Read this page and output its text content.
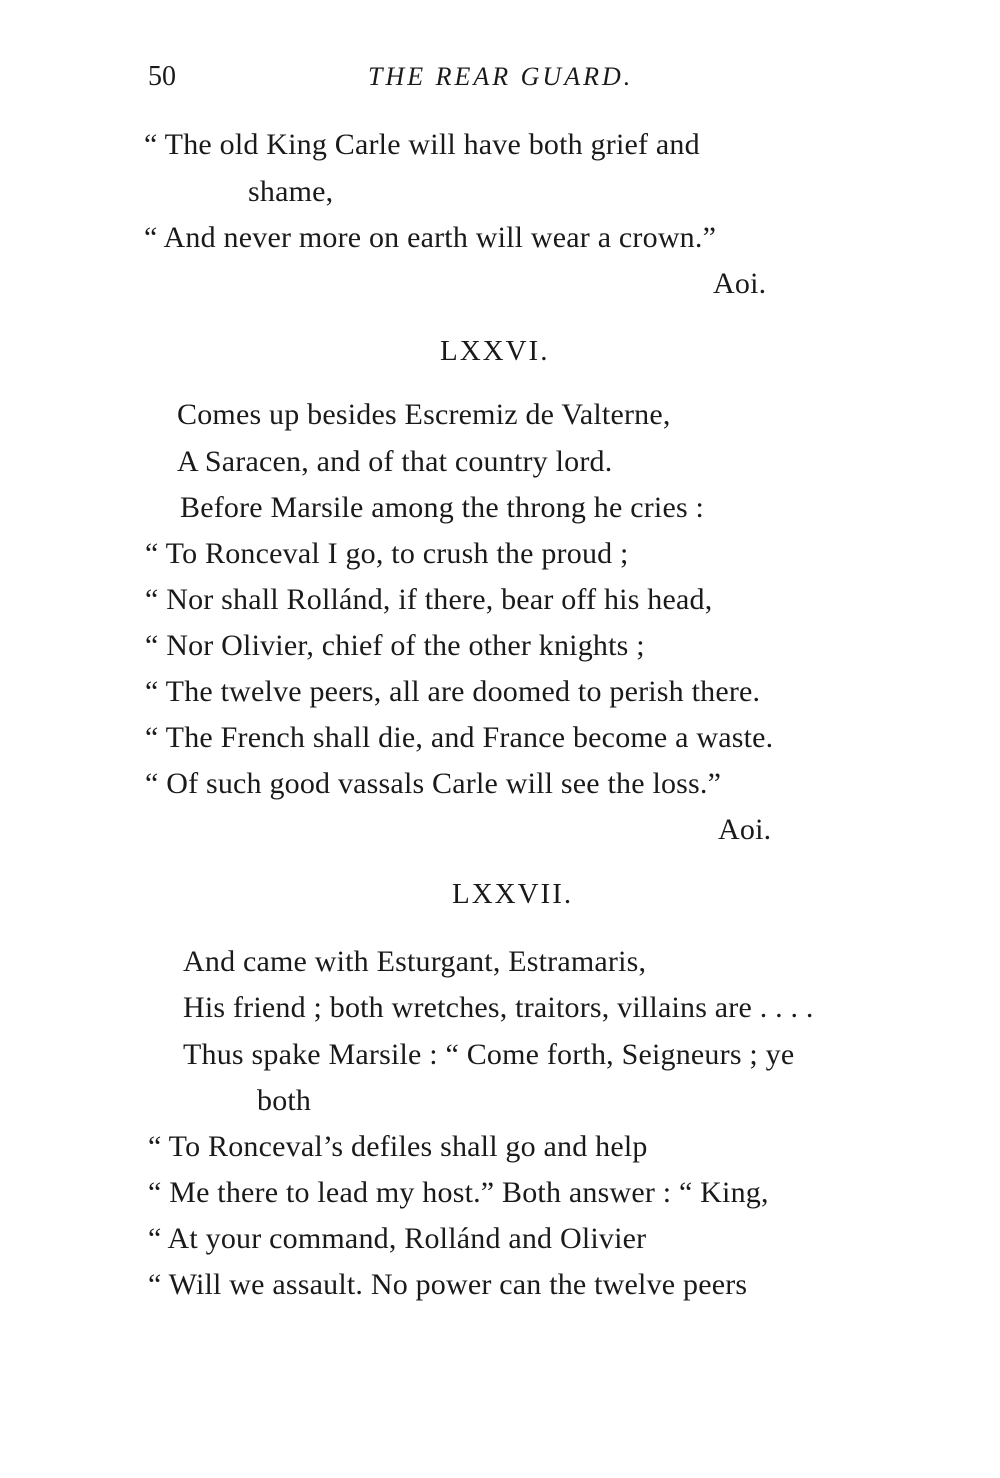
50	THE REAR GUARD.
“ The old King Carle will have both grief and
shame,
“ And never more on earth will wear a crown.”
Aoi.
LXXVI.
Comes up besides Escremiz de Valterne,
A Saracen, and of that country lord.
Before Marsile among the throng he cries :
“ To Ronceval I go, to crush the proud ;
“ Nor shall Rollánd, if there, bear off his head,
“ Nor Olivier, chief of the other knights ;
“ The twelve peers, all are doomed to perish there.
“ The French shall die, and France become a waste.
“ Of such good vassals Carle will see the loss.”
Aoi.
LXXVII.
And came with Esturgant, Estramaris,
His friend ; both wretches, traitors, villains are . . . .
Thus spake Marsile : “ Come forth, Seigneurs ; ye
both
“ To Ronceval’s defiles shall go and help
“ Me there to lead my host.” Both answer : “ King,
“ At your command, Rollánd and Olivier
“ Will we assault. No power can the twelve peers
